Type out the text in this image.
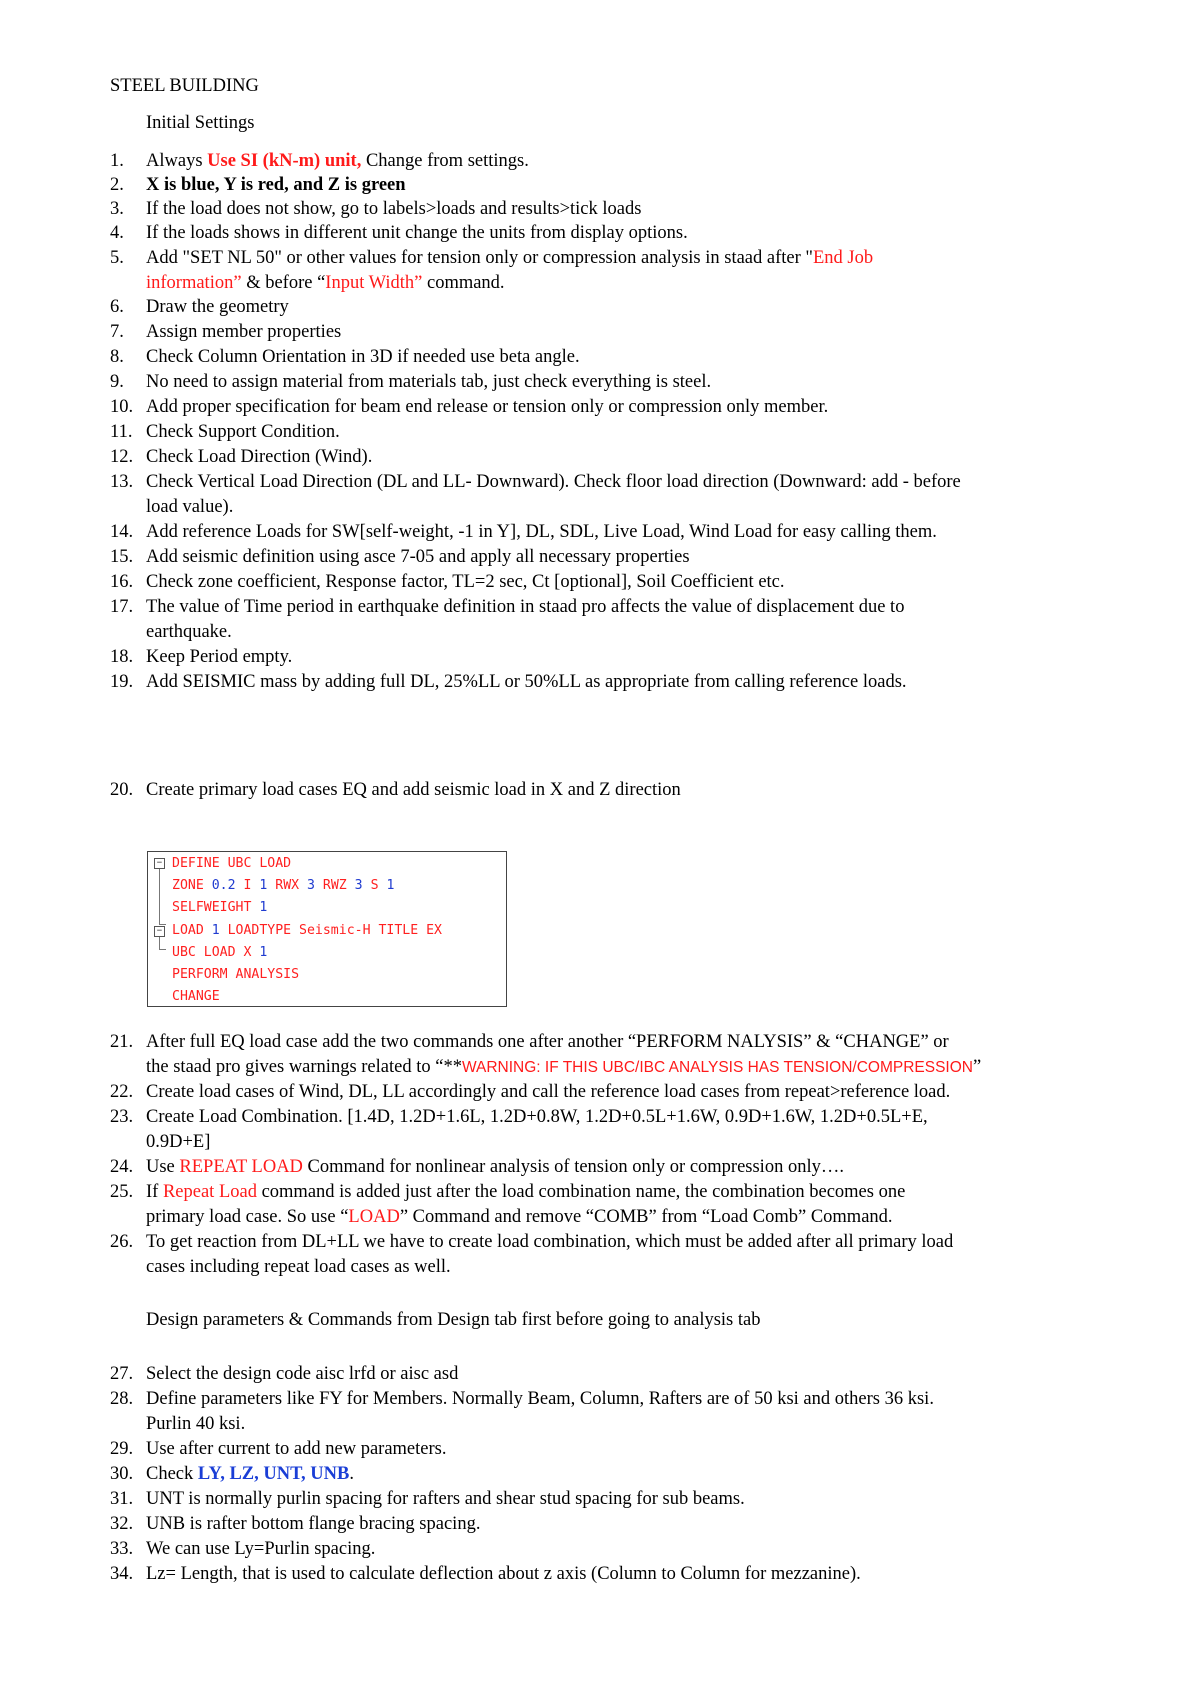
STEEL BUILDING
Initial Settings
1.	Always Use SI (kN-m) unit, Change from settings.
2.	X is blue, Y is red, and Z is green
3.	If the load does not show, go to labels>loads and results>tick loads
4.	If the loads shows in different unit change the units from display options.
5.	Add "SET NL 50" or other values for tension only or compression analysis in staad after "End Job
information” & before “Input Width” command.
6.	Draw the geometry
7.	Assign member properties
8.	Check Column Orientation in 3D if needed use beta angle.
9.	No need to assign material from materials tab, just check everything is steel.
10. Add proper specification for beam end release or tension only or compression only member.
11. Check Support Condition.
12. Check Load Direction (Wind).
13. Check Vertical Load Direction (DL and LL- Downward). Check floor load direction (Downward: add - before
load value).
14. Add reference Loads for SW[self-weight, -1 in Y], DL, SDL, Live Load, Wind Load for easy calling them.
15. Add seismic definition using asce 7-05 and apply all necessary properties
16. Check zone coefficient, Response factor, TL=2 sec, Ct [optional], Soil Coefficient etc.
17. The value of Time period in earthquake definition in staad pro affects the value of displacement due to
earthquake.
18. Keep Period empty.
19. Add SEISMIC mass by adding full DL, 25%LL or 50%LL as appropriate from calling reference loads.
20. Create primary load cases EQ and add seismic load in X and Z direction
−
−
DEFINE UBC LOAD
ZONE 0.2 I 1 RWX 3 RWZ 3 S 1
SELFWEIGHT 1
LOAD 1 LOADTYPE Seismic-H TITLE EX
UBC LOAD X 1
PERFORM ANALYSIS
CHANGE
21. After full EQ load case add the two commands one after another “PERFORM NALYSIS” & “CHANGE” or
the staad pro gives warnings related to “**WARNING: IF THIS UBC/IBC ANALYSIS HAS TENSION/COMPRESSION”
22. Create load cases of Wind, DL, LL accordingly and call the reference load cases from repeat>reference load.
23. Create Load Combination. [1.4D, 1.2D+1.6L, 1.2D+0.8W, 1.2D+0.5L+1.6W, 0.9D+1.6W, 1.2D+0.5L+E,
0.9D+E]
24. Use REPEAT LOAD Command for nonlinear analysis of tension only or compression only….
25. If Repeat Load command is added just after the load combination name, the combination becomes one
primary load case. So use “LOAD” Command and remove “COMB” from “Load Comb” Command.
26. To get reaction from DL+LL we have to create load combination, which must be added after all primary load
cases including repeat load cases as well.
Design parameters & Commands from Design tab first before going to analysis tab
27. Select the design code aisc lrfd or aisc asd
28. Define parameters like FY for Members. Normally Beam, Column, Rafters are of 50 ksi and others 36 ksi.
Purlin 40 ksi.
29. Use after current to add new parameters.
30. Check LY, LZ, UNT, UNB.
31. UNT is normally purlin spacing for rafters and shear stud spacing for sub beams.
32. UNB is rafter bottom flange bracing spacing.
33. We can use Ly=Purlin spacing.
34. Lz= Length, that is used to calculate deflection about z axis (Column to Column for mezzanine).
